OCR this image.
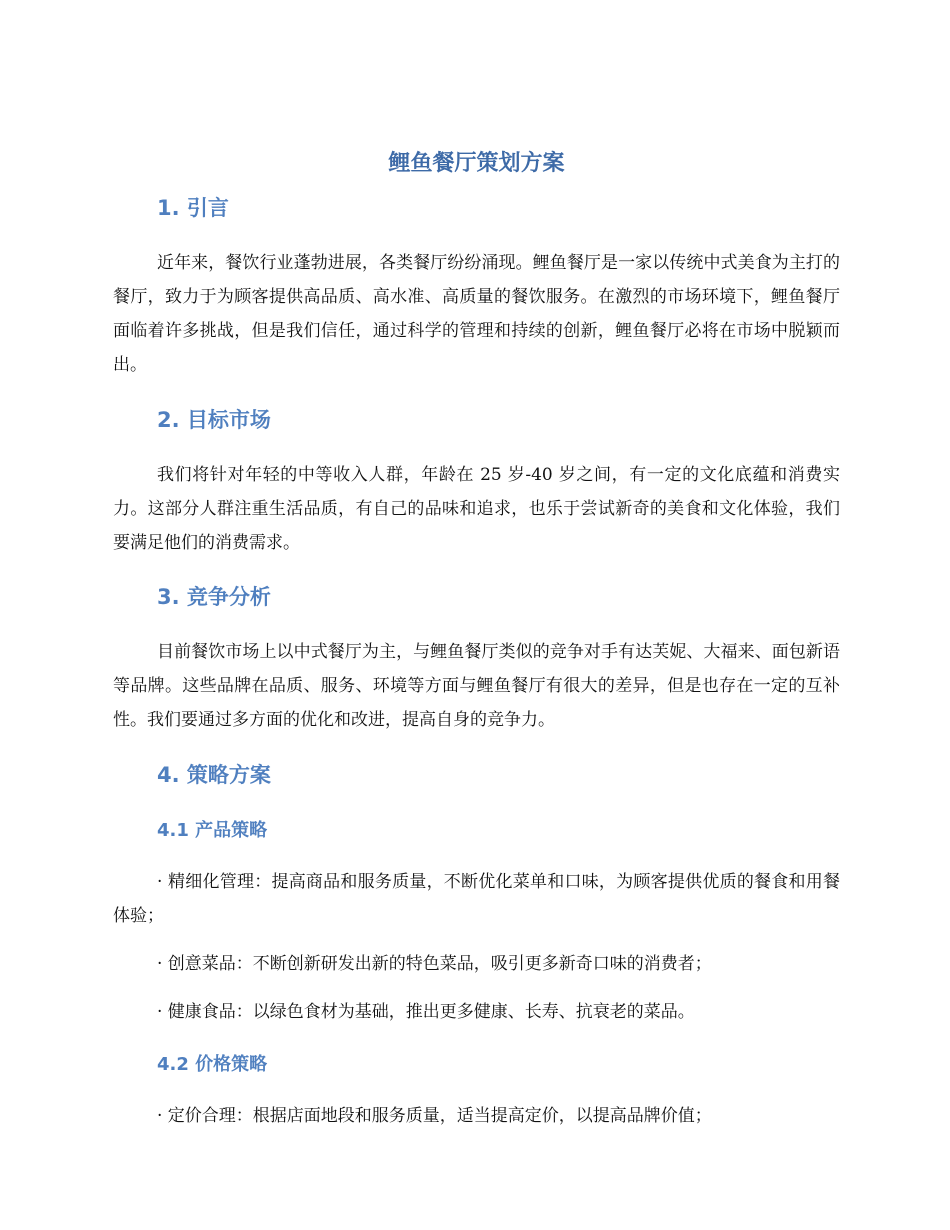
鲤鱼餐厅策划方案
1. 引言

近年来，餐饮行业蓬勃进展，各类餐厅纷纷涌现。鲤鱼餐厅是一家以传统中式美食为主打的餐厅，致力于为顾客提供高品质、高水准、高质量的餐饮服务。在激烈的市场环境下，鲤鱼餐厅面临着许多挑战，但是我们信任，通过科学的管理和持续的创新，鲤鱼餐厅必将在市场中脱颖而出。

2. 目标市场

我们将针对年轻的中等收入人群，年龄在 25 岁-40 岁之间，有一定的文化底蕴和消费实力。这部分人群注重生活品质，有自己的品味和追求，也乐于尝试新奇的美食和文化体验，我们要满足他们的消费需求。

3. 竞争分析

目前餐饮市场上以中式餐厅为主，与鲤鱼餐厅类似的竞争对手有达芙妮、大福来、面包新语等品牌。这些品牌在品质、服务、环境等方面与鲤鱼餐厅有很大的差异，但是也存在一定的互补性。我们要通过多方面的优化和改进，提高自身的竞争力。

4. 策略方案
4.1 产品策略

· 精细化管理：提高商品和服务质量，不断优化菜单和口味，为顾客提供优质的餐食和用餐体验；

· 创意菜品：不断创新研发出新的特色菜品，吸引更多新奇口味的消费者；

· 健康食品：以绿色食材为基础，推出更多健康、长寿、抗衰老的菜品。

4.2 价格策略

· 定价合理：根据店面地段和服务质量，适当提高定价，以提高品牌价值；
